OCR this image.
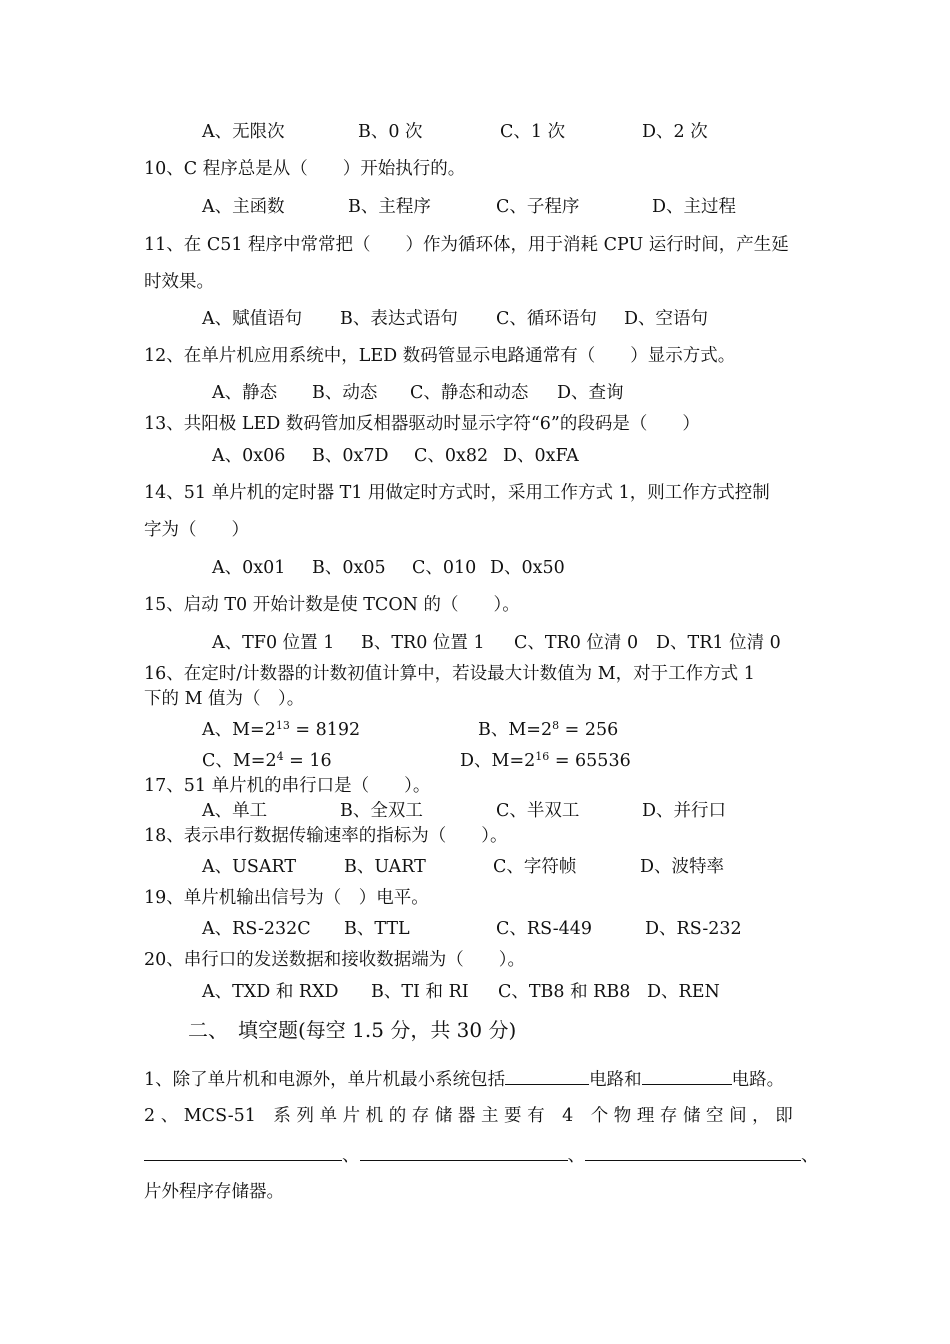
A、无限次	B、0 次	C、1 次	D、2 次
10、C 程序总是从（　　）开始执行的。
A、主函数	B、主程序	C、子程序	D、主过程
11、在 C51 程序中常常把（　　）作为循环体，用于消耗 CPU 运行时间，产生延
时效果。
A、赋值语句 B、表达式语句 C、循环语句 D、空语句
12、在单片机应用系统中，LED 数码管显示电路通常有（　　）显示方式。
A、静态 B、动态 C、静态和动态 D、查询
13、共阳极 LED 数码管加反相器驱动时显示字符“6”的段码是（　　）
A、0x06 B、0x7D C、0x82 D、0xFA
14、51 单片机的定时器 T1 用做定时方式时，采用工作方式 1，则工作方式控制
字为（　　）
A、0x01 B、0x05 C、010 D、0x50
15、启动 T0 开始计数是使 TCON 的（　　）。
A、TF0 位置 1 B、TR0 位置 1 C、TR0 位清 0 D、TR1 位清 0
16、在定时/计数器的计数初值计算中，若设最大计数值为 M，对于工作方式 1
下的 M 值为（　）。
A、$M=2^{13} = 8192$	B、$M=2^8 = 256$
C、$M=2^4 = 16$	D、$M=2^{16} = 65536$
17、51 单片机的串行口是（　　）。
A、单工	B、全双工	C、半双工	D、并行口
18、表示串行数据传输速率的指标为（　　）。
A、USART	B、UART	C、字符帧	D、波特率
19、单片机输出信号为（　）电平。
A、RS-232C B、TTL	C、RS-449	D、RS-232
20、串行口的发送数据和接收数据端为（　　）。
A、TXD 和 RXD B、TI 和 RI C、TB8 和 RB8 D、REN
二、　填空题(每空 1.5 分，共 30 分)
1、除了单片机和电源外，单片机最小系统包括	电路和	电路。
2 、 MCS-51　系 列 单 片 机 的 存 储 器 主 要 有　4　个 物 理 存 储 空 间 ， 即
、	、	、
片外程序存储器。
